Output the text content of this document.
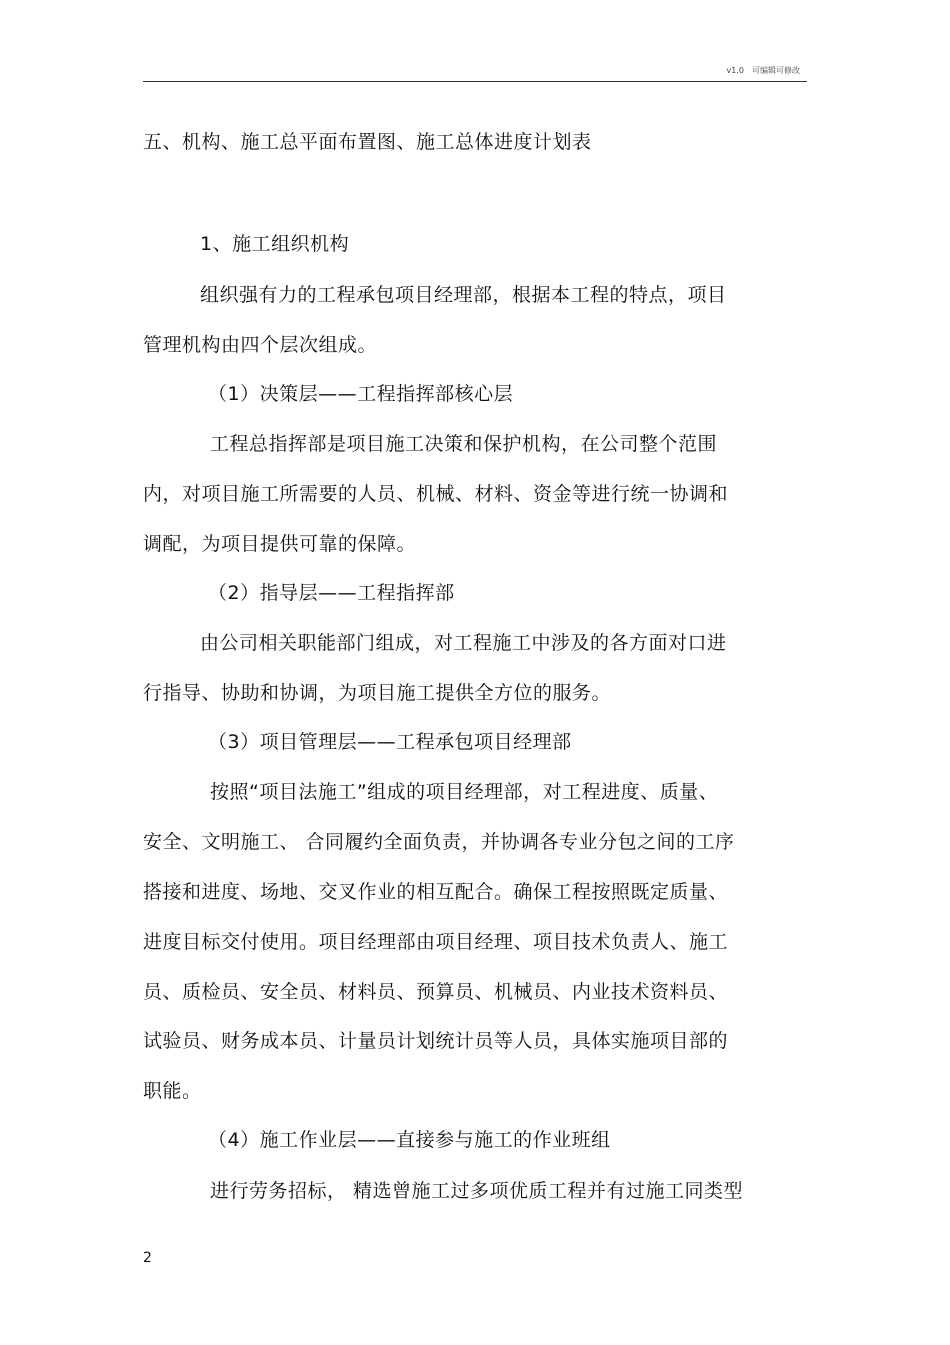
v1.0　可编辑可修改
五、机构、施工总平面布置图、施工总体进度计划表
1、施工组织机构
组织强有力的工程承包项目经理部，根据本工程的特点，项目
管理机构由四个层次组成。
（1）决策层——工程指挥部核心层
工程总指挥部是项目施工决策和保护机构，在公司整个范围
内，对项目施工所需要的人员、机械、材料、资金等进行统一协调和
调配，为项目提供可靠的保障。
（2）指导层——工程指挥部
由公司相关职能部门组成，对工程施工中涉及的各方面对口进
行指导、协助和协调，为项目施工提供全方位的服务。
（3）项目管理层——工程承包项目经理部
按照“项目法施工”组成的项目经理部，对工程进度、质量、
安全、文明施工、 合同履约全面负责，并协调各专业分包之间的工序
搭接和进度、场地、交叉作业的相互配合。确保工程按照既定质量、
进度目标交付使用。项目经理部由项目经理、项目技术负责人、施工
员、质检员、安全员、材料员、预算员、机械员、内业技术资料员、
试验员、财务成本员、计量员计划统计员等人员，具体实施项目部的
职能。
（4）施工作业层——直接参与施工的作业班组
进行劳务招标， 精选曾施工过多项优质工程并有过施工同类型
2
